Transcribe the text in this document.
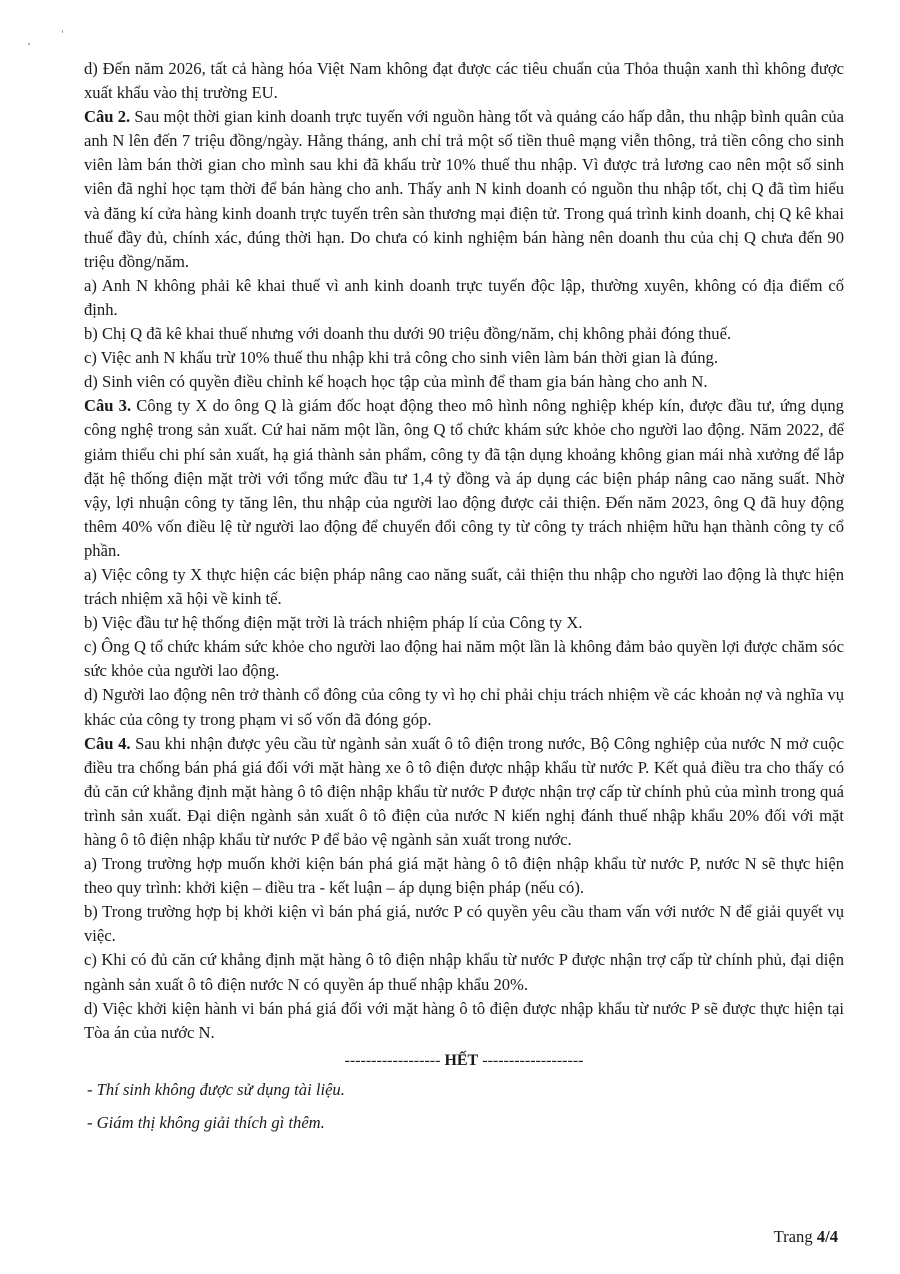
d) Đến năm 2026, tất cả hàng hóa Việt Nam không đạt được các tiêu chuẩn của Thỏa thuận xanh thì không được xuất khẩu vào thị trường EU.

Câu 2. Sau một thời gian kinh doanh trực tuyến với nguồn hàng tốt và quảng cáo hấp dẫn, thu nhập bình quân của anh N lên đến 7 triệu đồng/ngày. Hằng tháng, anh chỉ trả một số tiền thuê mạng viễn thông, trả tiền công cho sinh viên làm bán thời gian cho mình sau khi đã khấu trừ 10% thuế thu nhập. Vì được trả lương cao nên một số sinh viên đã nghỉ học tạm thời để bán hàng cho anh. Thấy anh N kinh doanh có nguồn thu nhập tốt, chị Q đã tìm hiểu và đăng kí cửa hàng kinh doanh trực tuyến trên sàn thương mại điện tử. Trong quá trình kinh doanh, chị Q kê khai thuế đầy đủ, chính xác, đúng thời hạn. Do chưa có kinh nghiệm bán hàng nên doanh thu của chị Q chưa đến 90 triệu đồng/năm.

a) Anh N không phải kê khai thuế vì anh kinh doanh trực tuyến độc lập, thường xuyên, không có địa điểm cố định.

b) Chị Q đã kê khai thuế nhưng với doanh thu dưới 90 triệu đồng/năm, chị không phải đóng thuế.

c) Việc anh N khấu trừ 10% thuế thu nhập khi trả công cho sinh viên làm bán thời gian là đúng.

d) Sinh viên có quyền điều chỉnh kế hoạch học tập của mình để tham gia bán hàng cho anh N.

Câu 3. Công ty X do ông Q là giám đốc hoạt động theo mô hình nông nghiệp khép kín, được đầu tư, ứng dụng công nghệ trong sản xuất. Cứ hai năm một lần, ông Q tổ chức khám sức khỏe cho người lao động. Năm 2022, để giảm thiểu chi phí sản xuất, hạ giá thành sản phẩm, công ty đã tận dụng khoảng không gian mái nhà xưởng để lắp đặt hệ thống điện mặt trời với tổng mức đầu tư 1,4 tỷ đồng và áp dụng các biện pháp nâng cao năng suất. Nhờ vậy, lợi nhuận công ty tăng lên, thu nhập của người lao động được cải thiện. Đến năm 2023, ông Q đã huy động thêm 40% vốn điều lệ từ người lao động để chuyển đổi công ty từ công ty trách nhiệm hữu hạn thành công ty cổ phần.

a) Việc công ty X thực hiện các biện pháp nâng cao năng suất, cải thiện thu nhập cho người lao động là thực hiện trách nhiệm xã hội về kinh tế.

b) Việc đầu tư hệ thống điện mặt trời là trách nhiệm pháp lí của Công ty X.

c) Ông Q tổ chức khám sức khỏe cho người lao động hai năm một lần là không đảm bảo quyền lợi được chăm sóc sức khỏe của người lao động.

d) Người lao động nên trở thành cổ đông của công ty vì họ chỉ phải chịu trách nhiệm về các khoản nợ và nghĩa vụ khác của công ty trong phạm vi số vốn đã đóng góp.

Câu 4. Sau khi nhận được yêu cầu từ ngành sản xuất ô tô điện trong nước, Bộ Công nghiệp của nước N mở cuộc điều tra chống bán phá giá đối với mặt hàng xe ô tô điện được nhập khẩu từ nước P. Kết quả điều tra cho thấy có đủ căn cứ khẳng định mặt hàng ô tô điện nhập khẩu từ nước P được nhận trợ cấp từ chính phủ của mình trong quá trình sản xuất. Đại diện ngành sản xuất ô tô điện của nước N kiến nghị đánh thuế nhập khẩu 20% đối với mặt hàng ô tô điện nhập khẩu từ nước P để bảo vệ ngành sản xuất trong nước.

a) Trong trường hợp muốn khởi kiện bán phá giá mặt hàng ô tô điện nhập khẩu từ nước P, nước N sẽ thực hiện theo quy trình: khởi kiện – điều tra - kết luận – áp dụng biện pháp (nếu có).

b) Trong trường hợp bị khởi kiện vì bán phá giá, nước P có quyền yêu cầu tham vấn với nước N để giải quyết vụ việc.

c) Khi có đủ căn cứ khẳng định mặt hàng ô tô điện nhập khẩu từ nước P được nhận trợ cấp từ chính phủ, đại diện ngành sản xuất ô tô điện nước N có quyền áp thuế nhập khẩu 20%.

d) Việc khởi kiện hành vi bán phá giá đối với mặt hàng ô tô điện được nhập khẩu từ nước P sẽ được thực hiện tại Tòa án của nước N.

------------------ HẾT -------------------

- Thí sinh không được sử dụng tài liệu.

- Giám thị không giải thích gì thêm.

Trang 4/4
